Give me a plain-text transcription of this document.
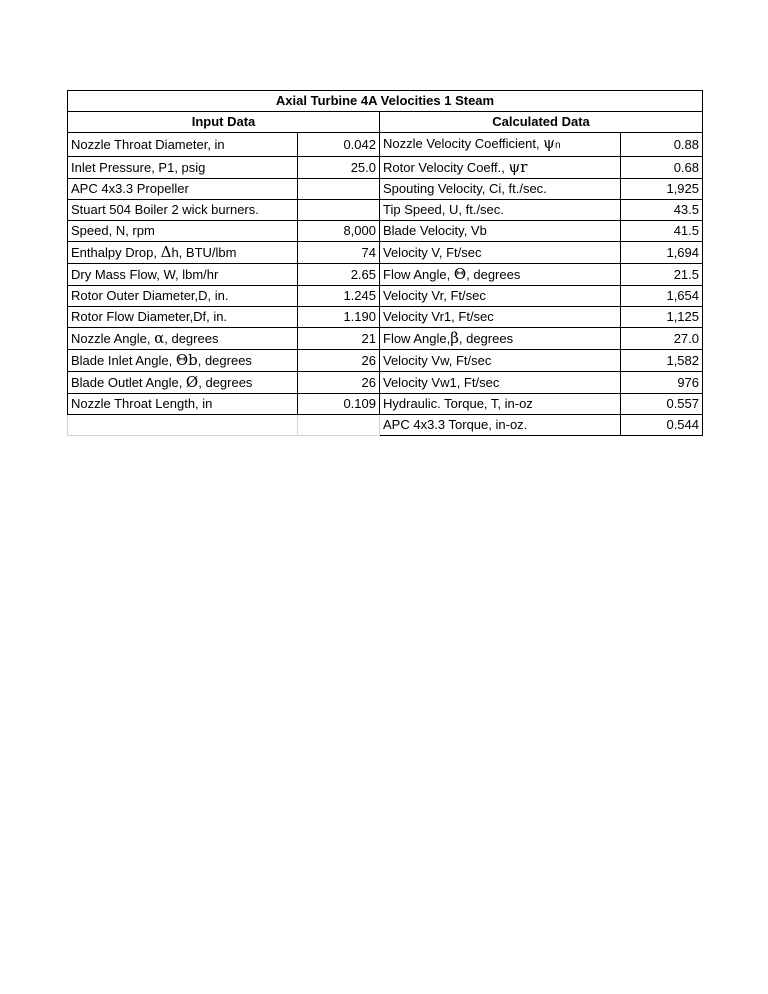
Axial Turbine 4A Velocities 1 Steam			
Input Data		Calculated Data	
Nozzle Throat Diameter, in	0.042	Nozzle Velocity Coefficient, ψn	0.88
Inlet Pressure, P1, psig	25.0	Rotor Velocity Coeff., ψr	0.68
APC 4x3.3 Propeller		Spouting Velocity, Ci, ft./sec.	1,925
Stuart 504 Boiler 2 wick burners.		Tip Speed, U, ft./sec.	43.5
Speed, N, rpm	8,000	Blade Velocity, Vb	41.5
Enthalpy Drop, Δh, BTU/lbm	74	Velocity V, Ft/sec	1,694
Dry Mass Flow, W, lbm/hr	2.65	Flow Angle, Θ, degrees	21.5
Rotor Outer Diameter,D, in.	1.245	Velocity Vr, Ft/sec	1,654
Rotor Flow Diameter,Df, in.	1.190	Velocity Vr1, Ft/sec	1,125
Nozzle Angle, α, degrees	21	Flow Angle,β, degrees	27.0
Blade Inlet Angle, Θb, degrees	26	Velocity Vw, Ft/sec	1,582
Blade Outlet Angle, Ø, degrees	26	Velocity Vw1, Ft/sec	976
Nozzle Throat Length, in	0.109	Hydraulic. Torque, T, in-oz	0.557
		APC 4x3.3 Torque, in-oz.	0.544
